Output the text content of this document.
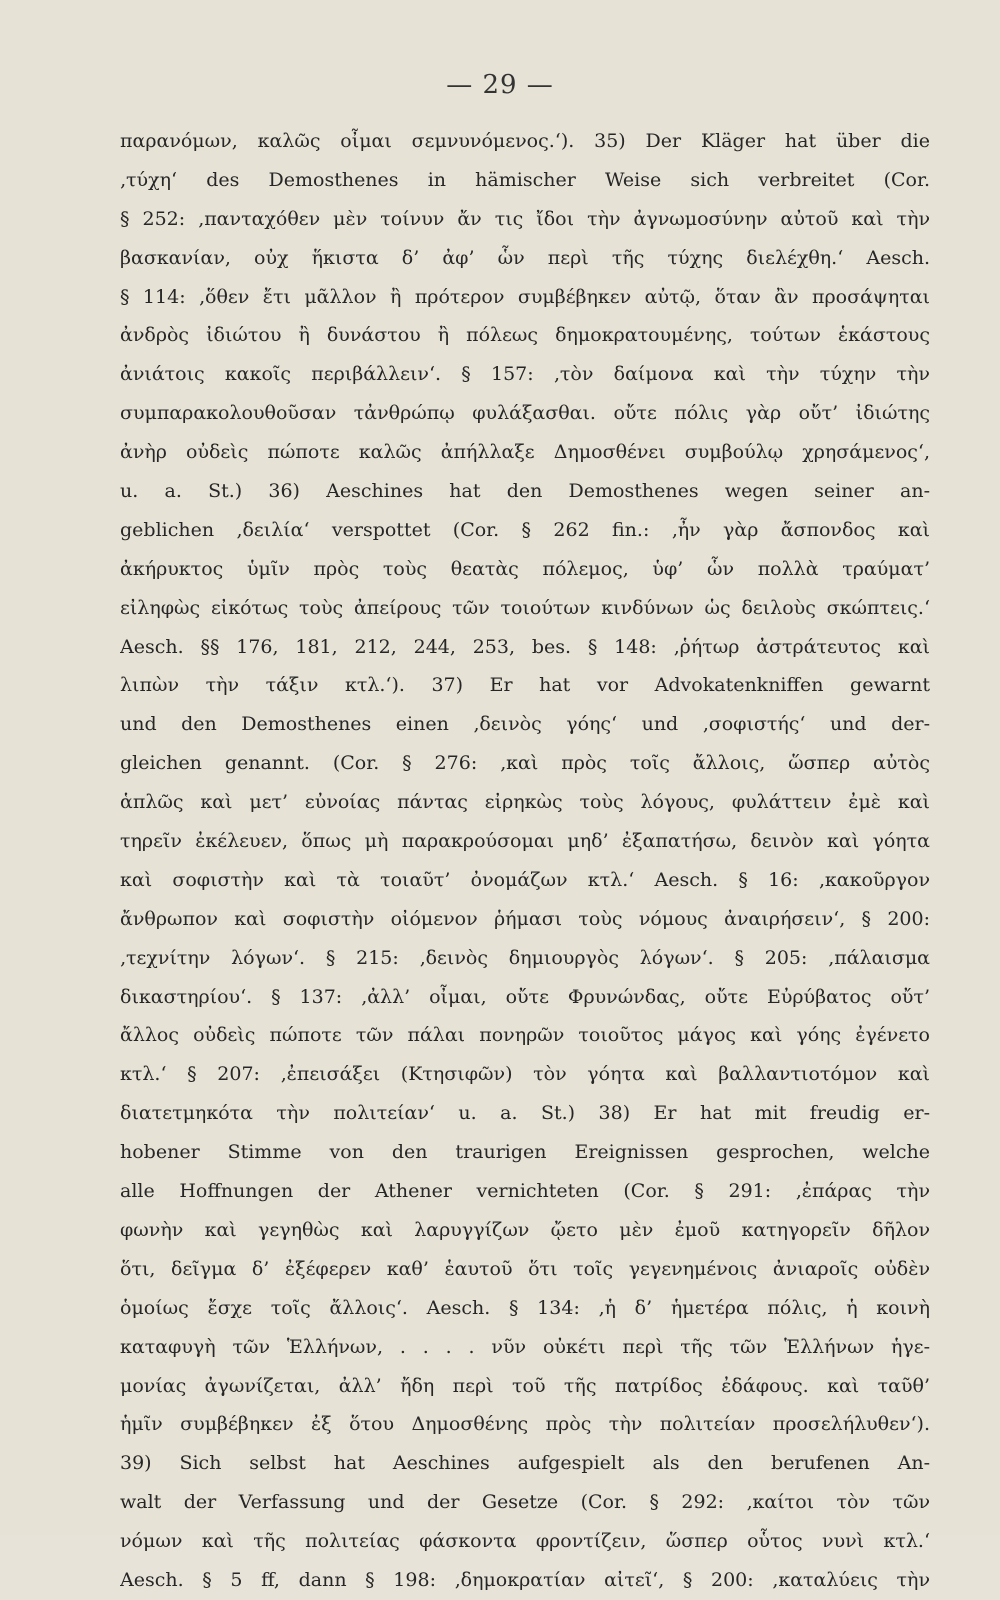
— 29 —
παρανόμων, καλῶς οἶμαι σεμνυνόμενος.‘). 35) Der Kläger hat über die
‚τύχη‘ des Demosthenes in hämischer Weise sich verbreitet (Cor.
§ 252: ‚πανταχόθεν μὲν τοίνυν ἄν τις ἴδοι τὴν ἀγνωμοσύνην αὐτοῦ καὶ τὴν
βασκανίαν, οὐχ ἥκιστα δ’ ἀφ’ ὧν περὶ τῆς τύχης διελέχθη.‘ Aesch.
§ 114: ‚ὅθεν ἔτι μᾶλλον ἢ πρότερον συμβέβηκεν αὐτῷ, ὅταν ἂν προσάψηται
ἀνδρὸς ἰδιώτου ἢ δυνάστου ἢ πόλεως δημοκρατουμένης, τούτων ἑκάστους
ἀνιάτοις κακοῖς περιβάλλειν‘. § 157: ‚τὸν δαίμονα καὶ τὴν τύχην τὴν
συμπαρακολουθοῦσαν τἀνθρώπῳ φυλάξασθαι. οὔτε πόλις γὰρ οὔτ’ ἰδιώτης
ἀνὴρ οὐδεὶς πώποτε καλῶς ἀπήλλαξε Δημοσθένει συμβούλῳ χρησάμενος‘,
u. a. St.) 36) Aeschines hat den Demosthenes wegen seiner an-
geblichen ‚δειλία‘ verspottet (Cor. § 262 fin.: ‚ἦν γὰρ ἄσπονδος καὶ
ἀκήρυκτος ὑμῖν πρὸς τοὺς θεατὰς πόλεμος, ὑφ’ ὧν πολλὰ τραύματ’
εἰληφὼς εἰκότως τοὺς ἀπείρους τῶν τοιούτων κινδύνων ὡς δειλοὺς σκώπτεις.‘
Aesch. §§ 176, 181, 212, 244, 253, bes. § 148: ‚ῥήτωρ ἀστράτευτος καὶ
λιπὼν τὴν τάξιν κτλ.‘). 37) Er hat vor Advokatenkniffen gewarnt
und den Demosthenes einen ‚δεινὸς γόης‘ und ‚σοφιστής‘ und der-
gleichen genannt. (Cor. § 276: ‚καὶ πρὸς τοῖς ἄλλοις, ὥσπερ αὐτὸς
ἁπλῶς καὶ μετ’ εὐνοίας πάντας εἰρηκὼς τοὺς λόγους, φυλάττειν ἐμὲ καὶ
τηρεῖν ἐκέλευεν, ὅπως μὴ παρακρούσομαι μηδ’ ἐξαπατήσω, δεινὸν καὶ γόητα
καὶ σοφιστὴν καὶ τὰ τοιαῦτ’ ὀνομάζων κτλ.‘ Aesch. § 16: ‚κακοῦργον
ἄνθρωπον καὶ σοφιστὴν οἰόμενον ῥήμασι τοὺς νόμους ἀναιρήσειν‘, § 200:
‚τεχνίτην λόγων‘. § 215: ‚δεινὸς δημιουργὸς λόγων‘. § 205: ‚πάλαισμα
δικαστηρίου‘. § 137: ‚ἀλλ’ οἶμαι, οὔτε Φρυνώνδας, οὔτε Εὐρύβατος οὔτ’
ἄλλος οὐδεὶς πώποτε τῶν πάλαι πονηρῶν τοιοῦτος μάγος καὶ γόης ἐγένετο
κτλ.‘ § 207: ‚ἐπεισάξει (Κτησιφῶν) τὸν γόητα καὶ βαλλαντιοτόμον καὶ
διατετμηκότα τὴν πολιτείαν‘ u. a. St.) 38) Er hat mit freudig er-
hobener Stimme von den traurigen Ereignissen gesprochen, welche
alle Hoffnungen der Athener vernichteten (Cor. § 291: ‚ἐπάρας τὴν
φωνὴν καὶ γεγηθὼς καὶ λαρυγγίζων ᾤετο μὲν ἐμοῦ κατηγορεῖν δῆλον
ὅτι, δεῖγμα δ’ ἐξέφερεν καθ’ ἑαυτοῦ ὅτι τοῖς γεγενημένοις ἀνιαροῖς οὐδὲν
ὁμοίως ἔσχε τοῖς ἄλλοις‘. Aesch. § 134: ‚ἡ δ’ ἡμετέρα πόλις, ἡ κοινὴ
καταφυγὴ τῶν Ἑλλήνων, . . . . νῦν οὐκέτι περὶ τῆς τῶν Ἑλλήνων ἡγε-
μονίας ἀγωνίζεται, ἀλλ’ ἤδη περὶ τοῦ τῆς πατρίδος ἐδάφους. καὶ ταῦθ’
ἡμῖν συμβέβηκεν ἐξ ὅτου Δημοσθένης πρὸς τὴν πολιτείαν προσελήλυθεν‘).
39) Sich selbst hat Aeschines aufgespielt als den berufenen An-
walt der Verfassung und der Gesetze (Cor. § 292: ‚καίτοι τὸν τῶν
νόμων καὶ τῆς πολιτείας φάσκοντα φροντίζειν, ὥσπερ οὗτος νυνὶ κτλ.‘
Aesch. § 5 ff, dann § 198: ‚δημοκρατίαν αἰτεῖ‘, § 200: ‚καταλύεις τὴν
